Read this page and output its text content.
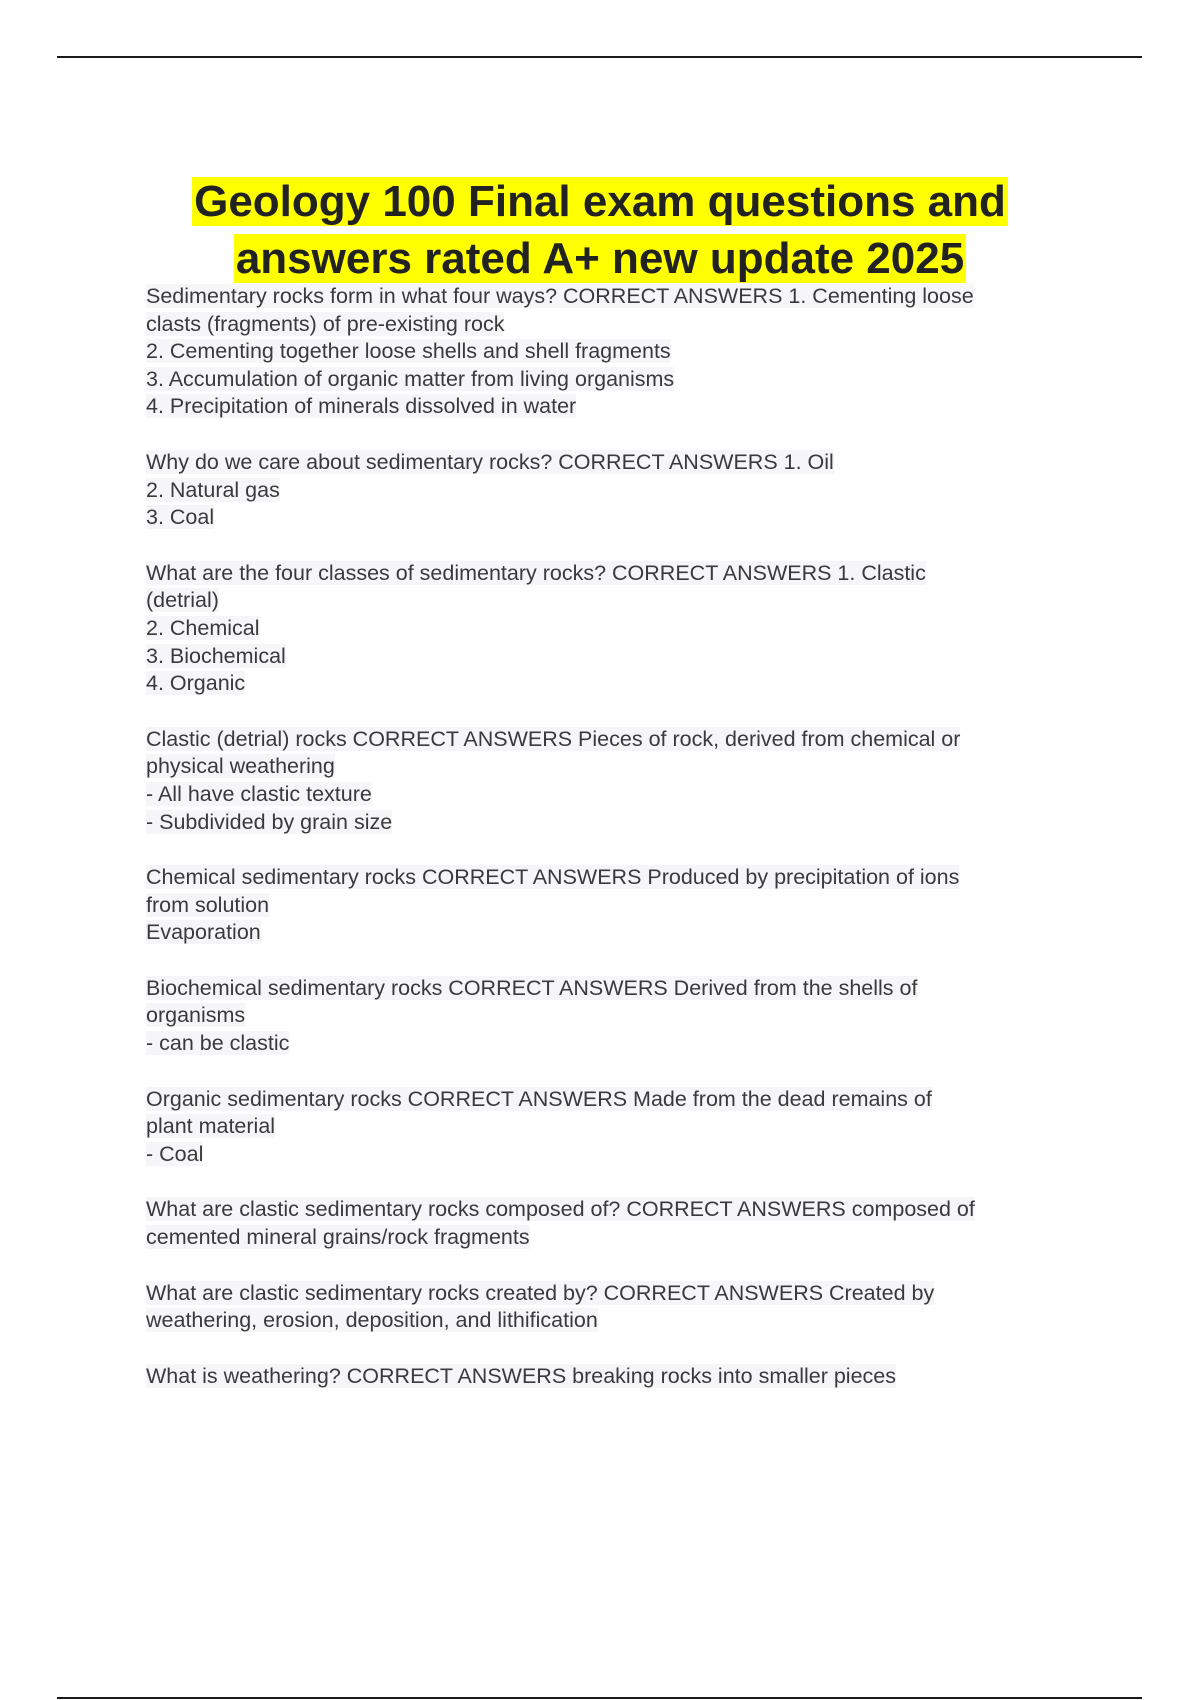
Geology 100 Final exam questions and
answers rated A+ new update 2025
Sedimentary rocks form in what four ways? CORRECT ANSWERS 1. Cementing loose
clasts (fragments) of pre-existing rock
2. Cementing together loose shells and shell fragments
3. Accumulation of organic matter from living organisms
4. Precipitation of minerals dissolved in water
Why do we care about sedimentary rocks? CORRECT ANSWERS 1. Oil
2. Natural gas
3. Coal
What are the four classes of sedimentary rocks? CORRECT ANSWERS 1. Clastic
(detrial)
2. Chemical
3. Biochemical
4. Organic
Clastic (detrial) rocks CORRECT ANSWERS Pieces of rock, derived from chemical or
physical weathering
- All have clastic texture
- Subdivided by grain size
Chemical sedimentary rocks CORRECT ANSWERS Produced by precipitation of ions
from solution
Evaporation
Biochemical sedimentary rocks CORRECT ANSWERS Derived from the shells of
organisms
- can be clastic
Organic sedimentary rocks CORRECT ANSWERS Made from the dead remains of
plant material
- Coal
What are clastic sedimentary rocks composed of? CORRECT ANSWERS composed of
cemented mineral grains/rock fragments
What are clastic sedimentary rocks created by? CORRECT ANSWERS Created by
weathering, erosion, deposition, and lithification
What is weathering? CORRECT ANSWERS breaking rocks into smaller pieces
